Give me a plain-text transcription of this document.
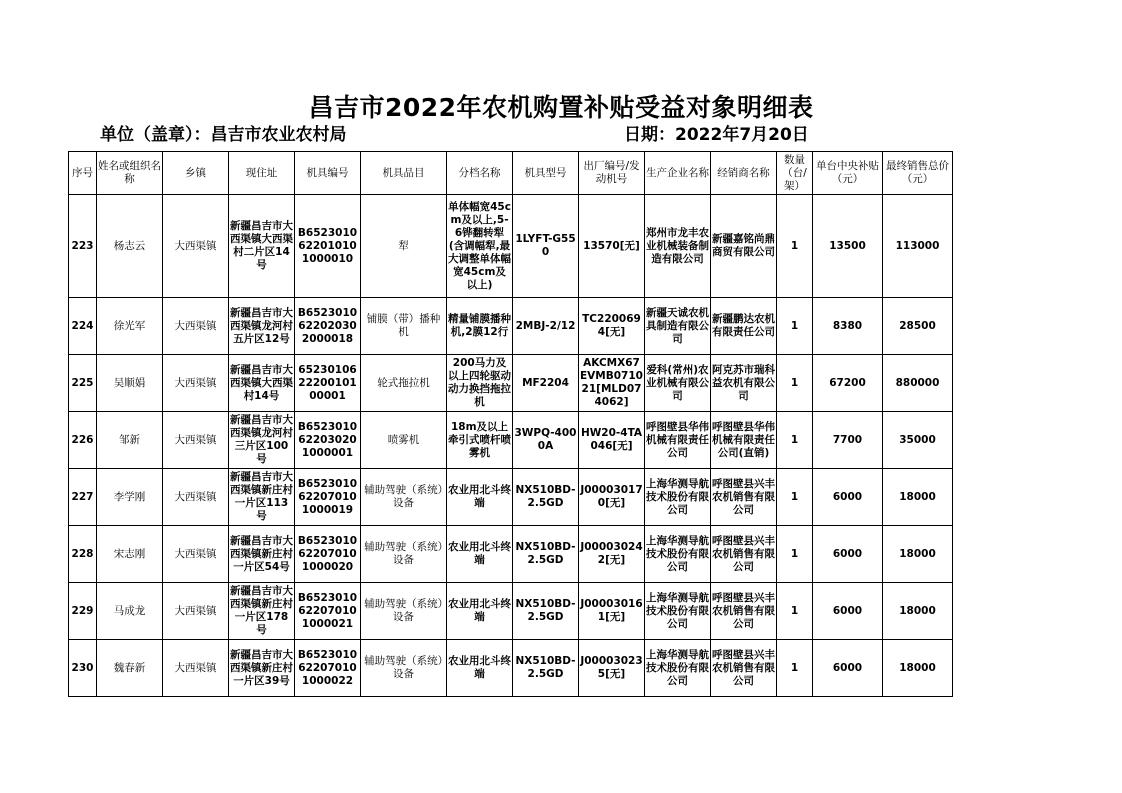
昌吉市2022年农机购置补贴受益对象明细表
单位（盖章）：昌吉市农业农村局	日期：2022年7月20日
序号	姓名或组织名称	乡镇	现住址	机具编号	机具品目	分档名称	机具型号	出厂编号/发动机号	生产企业名称	经销商名称	数量（台/架）	单台中央补贴（元）	最终销售总价（元）
223	杨志云	大西渠镇	新疆昌吉市大西渠镇大西渠村二片区14号	B6523010622010101000010	犁	单体幅宽45cm及以上,5-6铧翻转犁(含调幅犁,最大调整单体幅宽45cm及以上)	1LYFT-G550	13570[无]	郑州市龙丰农业机械装备制造有限公司	新疆嘉铭尚鼎商贸有限公司	1	13500	113000
224	徐光军	大西渠镇	新疆昌吉市大西渠镇龙河村五片区12号	B6523010622020302000018	铺膜（带）播种机	精量铺膜播种机,2膜12行	2MBJ-2/12	TC2200694[无]	新疆天诚农机具制造有限公司	新疆鹏达农机有限责任公司	1	8380	28500
225	吴顺娟	大西渠镇	新疆昌吉市大西渠镇大西渠村14号	652301062220010100001	轮式拖拉机	200马力及以上四轮驱动动力换挡拖拉机	MF2204	AKCMX67EVMB071021[MLD074062]	爱科(常州)农业机械有限公司	阿克苏市瑞科益农机有限公司	1	67200	880000
226	邹新	大西渠镇	新疆昌吉市大西渠镇龙河村三片区100号	B6523010622030201000001	喷雾机	18m及以上牵引式喷杆喷雾机	3WPQ-4000A	HW20-4TA046[无]	呼图壁县华伟机械有限责任公司	呼图壁县华伟机械有限责任公司(直销)	1	7700	35000
227	李学刚	大西渠镇	新疆昌吉市大西渠镇新庄村一片区113号	B6523010622070101000019	辅助驾驶（系统）设备	农业用北斗终端	NX510BD-2.5GD	J000030170[无]	上海华测导航技术股份有限公司	呼图壁县兴丰农机销售有限公司	1	6000	18000
228	宋志刚	大西渠镇	新疆昌吉市大西渠镇新庄村一片区54号	B6523010622070101000020	辅助驾驶（系统）设备	农业用北斗终端	NX510BD-2.5GD	J000030242[无]	上海华测导航技术股份有限公司	呼图壁县兴丰农机销售有限公司	1	6000	18000
229	马成龙	大西渠镇	新疆昌吉市大西渠镇新庄村一片区178号	B6523010622070101000021	辅助驾驶（系统）设备	农业用北斗终端	NX510BD-2.5GD	J000030161[无]	上海华测导航技术股份有限公司	呼图壁县兴丰农机销售有限公司	1	6000	18000
230	魏春新	大西渠镇	新疆昌吉市大西渠镇新庄村一片区39号	B6523010622070101000022	辅助驾驶（系统）设备	农业用北斗终端	NX510BD-2.5GD	J000030235[无]	上海华测导航技术股份有限公司	呼图壁县兴丰农机销售有限公司	1	6000	18000
